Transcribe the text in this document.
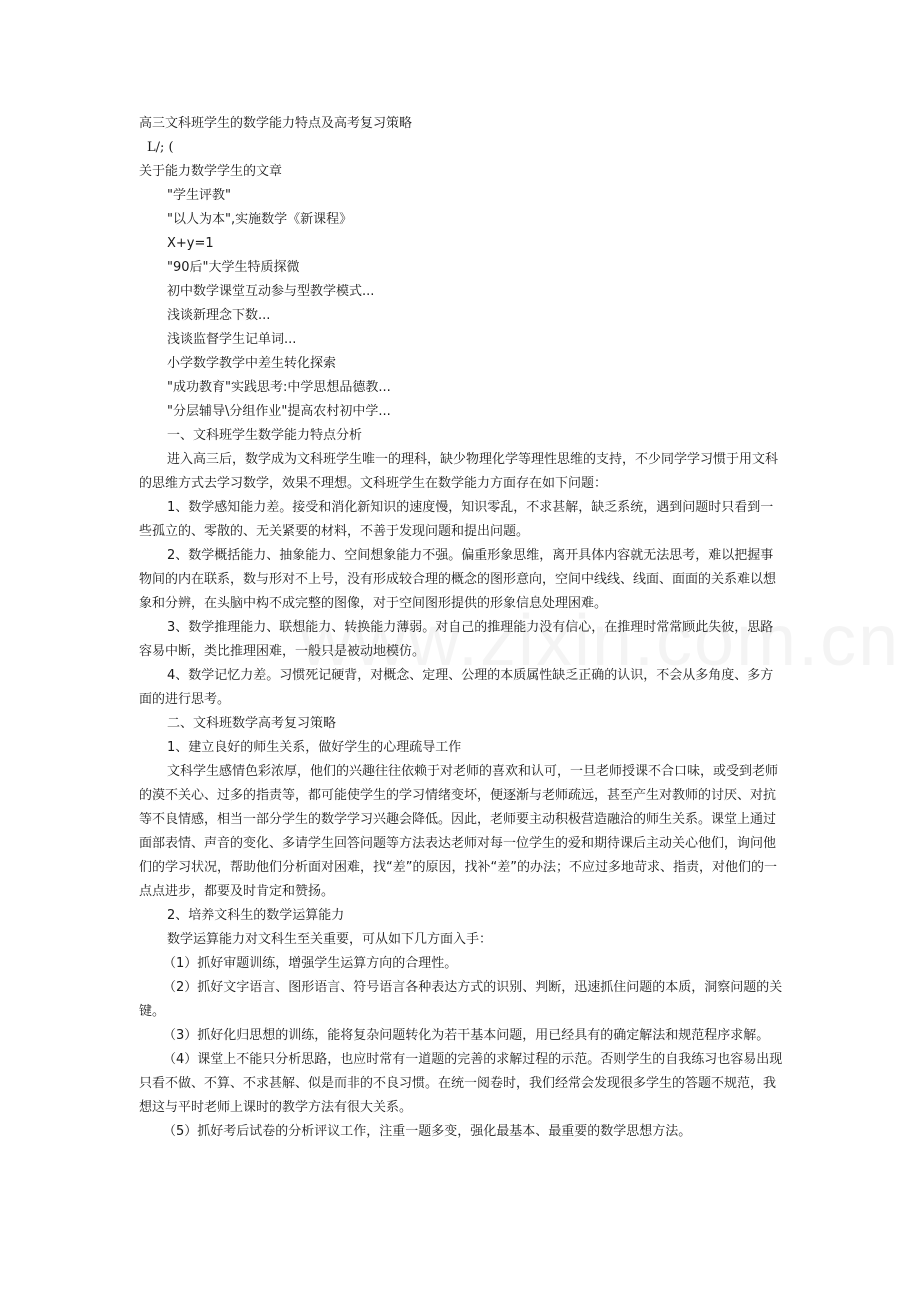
高三文科班学生的数学能力特点及高考复习策略
L/; (
关于能力数学学生的文章
"学生评教"
"以人为本",实施数学《新课程》
X+y=1
"90后"大学生特质探微
初中数学课堂互动参与型教学模式...
浅谈新理念下数...
浅谈监督学生记单词...
小学数学教学中差生转化探索
"成功教育"实践思考:中学思想品德教...
"分层辅导\分组作业"提高农村初中学...
一、文科班学生数学能力特点分析
进入高三后，数学成为文科班学生唯一的理科，缺少物理化学等理性思维的支持，不少同学学习惯于用文科的思维方式去学习数学，效果不理想。文科班学生在数学能力方面存在如下问题：
1、数学感知能力差。接受和消化新知识的速度慢，知识零乱，不求甚解，缺乏系统，遇到问题时只看到一些孤立的、零散的、无关紧要的材料，不善于发现问题和提出问题。
2、数学概括能力、抽象能力、空间想象能力不强。偏重形象思维，离开具体内容就无法思考，难以把握事物间的内在联系，数与形对不上号，没有形成较合理的概念的图形意向，空间中线线、线面、面面的关系难以想象和分辨，在头脑中构不成完整的图像，对于空间图形提供的形象信息处理困难。
3、数学推理能力、联想能力、转换能力薄弱。对自己的推理能力没有信心，在推理时常常顾此失彼，思路容易中断，类比推理困难，一般只是被动地模仿。
4、数学记忆力差。习惯死记硬背，对概念、定理、公理的本质属性缺乏正确的认识，不会从多角度、多方面的进行思考。
二、文科班数学高考复习策略
1、建立良好的师生关系，做好学生的心理疏导工作
文科学生感情色彩浓厚，他们的兴趣往往依赖于对老师的喜欢和认可，一旦老师授课不合口味，或受到老师的漠不关心、过多的指责等，都可能使学生的学习情绪变坏，便逐渐与老师疏远，甚至产生对教师的讨厌、对抗等不良情感，相当一部分学生的数学学习兴趣会降低。因此，老师要主动积极营造融洽的师生关系。课堂上通过面部表情、声音的变化、多请学生回答问题等方法表达老师对每一位学生的爱和期待课后主动关心他们，询问他们的学习状况，帮助他们分析面对困难，找“差”的原因，找补“差”的办法；不应过多地苛求、指责，对他们的一点点进步，都要及时肯定和赞扬。
2、培养文科生的数学运算能力
数学运算能力对文科生至关重要，可从如下几方面入手：
（1）抓好审题训练，增强学生运算方向的合理性。
（2）抓好文字语言、图形语言、符号语言各种表达方式的识别、判断，迅速抓住问题的本质，洞察问题的关键。
（3）抓好化归思想的训练，能将复杂问题转化为若干基本问题，用已经具有的确定解法和规范程序求解。
（4）课堂上不能只分析思路，也应时常有一道题的完善的求解过程的示范。否则学生的自我练习也容易出现只看不做、不算、不求甚解、似是而非的不良习惯。在统一阅卷时，我们经常会发现很多学生的答题不规范，我想这与平时老师上课时的教学方法有很大关系。
（5）抓好考后试卷的分析评议工作，注重一题多变，强化最基本、最重要的数学思想方法。
